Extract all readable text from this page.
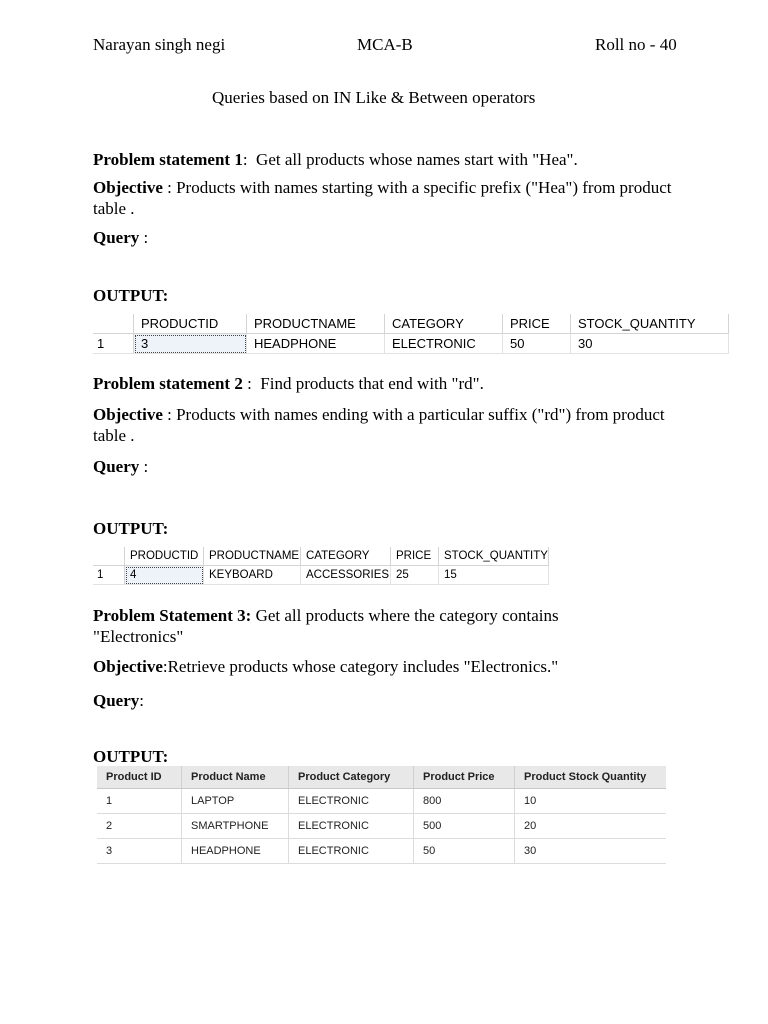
Narayan singh negi	MCA-B	Roll no - 40
Queries based on IN Like & Between operators
Problem statement 1: Get all products whose names start with "Hea".
Objective : Products with names starting with a specific prefix ("Hea") from product table .
Query :
OUTPUT:
	PRODUCTID	PRODUCTNAME	CATEGORY	PRICE	STOCK_QUANTITY
1	3	HEADPHONE	ELECTRONIC	50	30
Problem statement 2 : Find products that end with "rd".
Objective : Products with names ending with a particular suffix ("rd") from product table .
Query :
OUTPUT:
	PRODUCTID	PRODUCTNAME	CATEGORY	PRICE	STOCK_QUANTITY
1	4	KEYBOARD	ACCESSORIES	25	15
Problem Statement 3: Get all products where the category contains "Electronics"
Objective:Retrieve products whose category includes "Electronics."
Query:
OUTPUT:
Product ID	Product Name	Product Category	Product Price	Product Stock Quantity
1	LAPTOP	ELECTRONIC	800	10
2	SMARTPHONE	ELECTRONIC	500	20
3	HEADPHONE	ELECTRONIC	50	30
